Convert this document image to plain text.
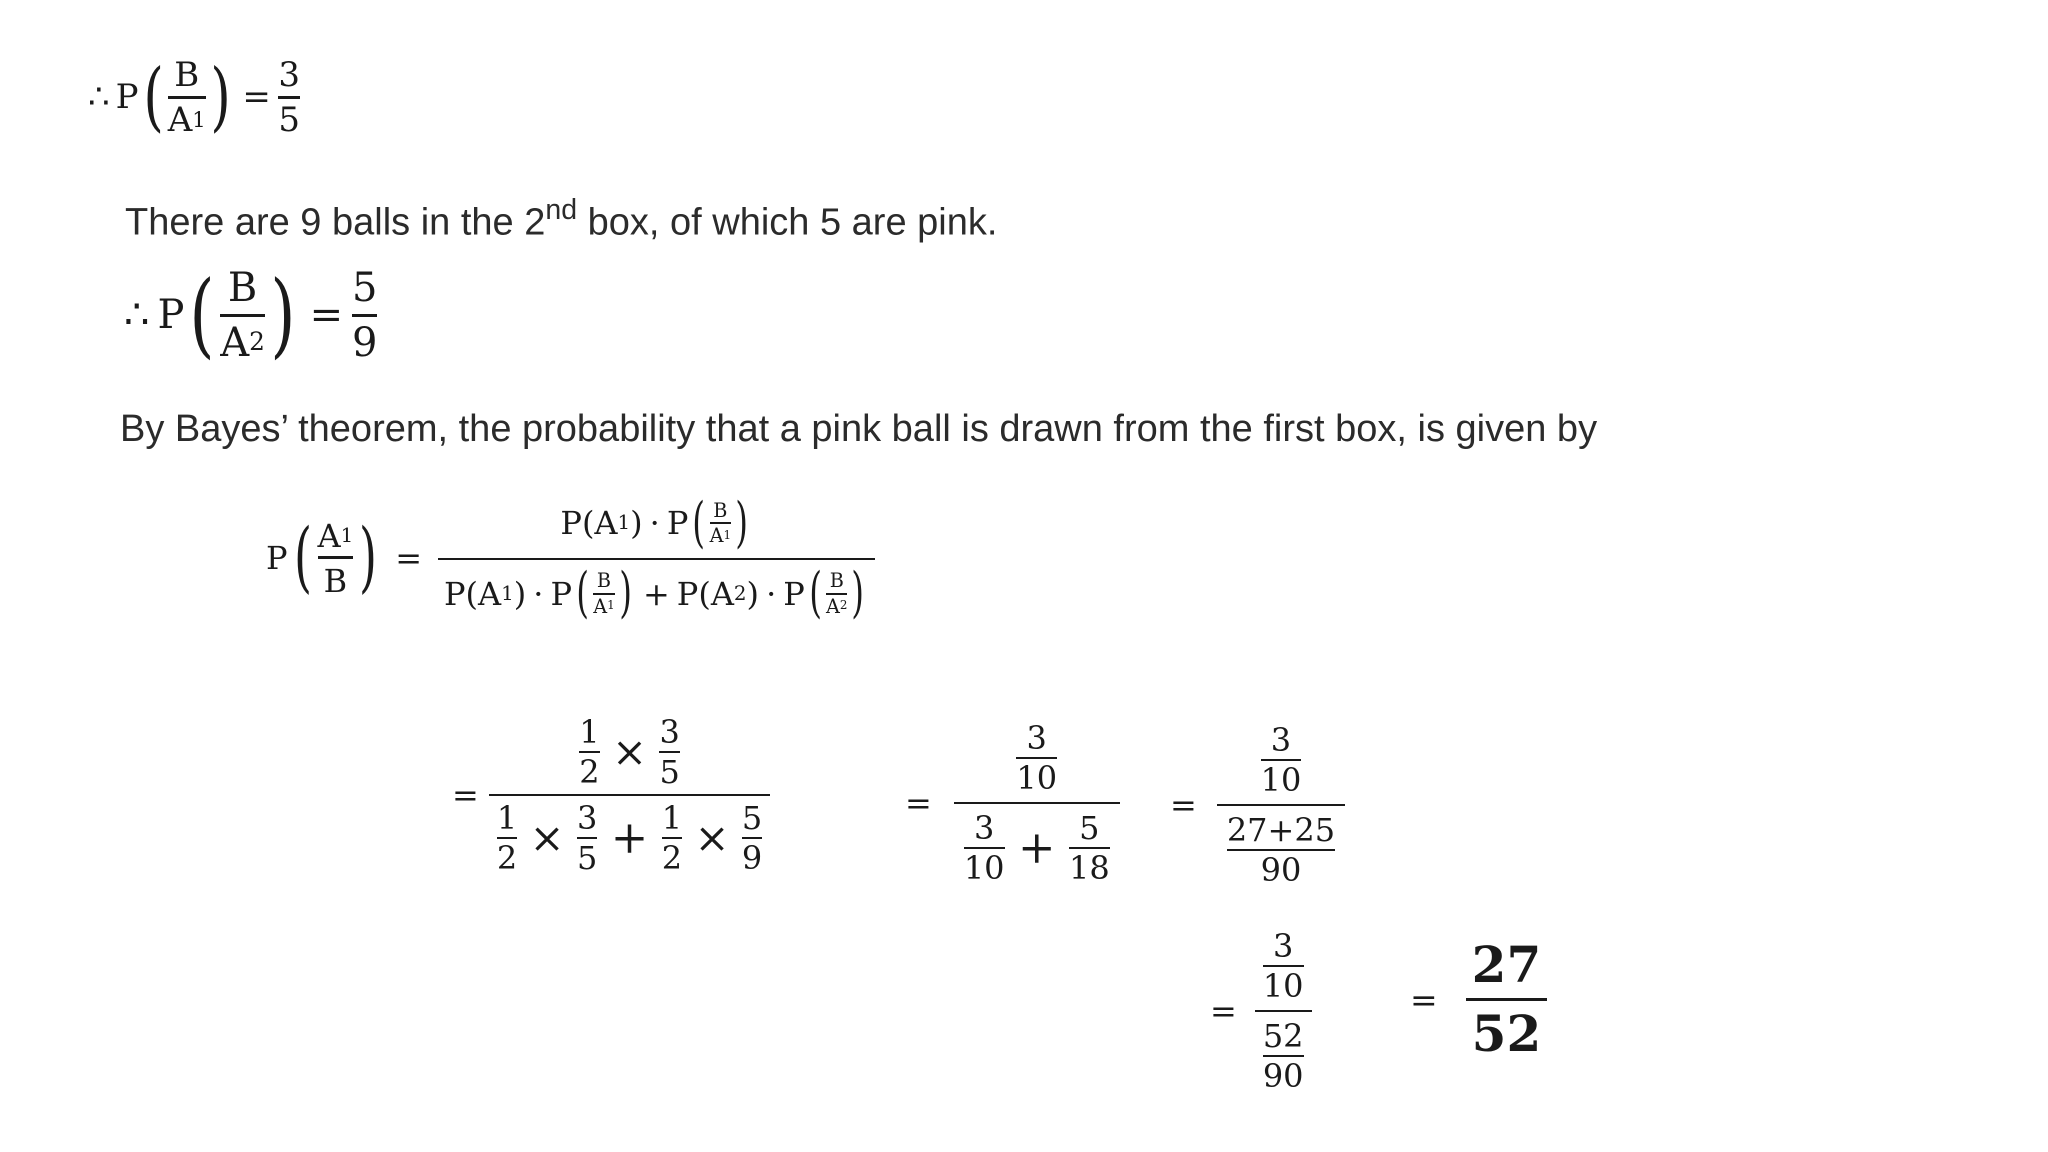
∴ P ( $\frac{B}{A 1}$ ) = $\frac{3}{5}$
There are 9 balls in the 2nd box, of which 5 are pink.
∴ P ( $\frac{B}{A 2}$ ) = $\frac{5}{9}$
By Bayes’ theorem, the probability that a pink ball is drawn from the first box, is given by
P ( $\frac{A 1}{B}$ ) =
P ( A 1 ) · P ( $\frac{B}{A 1}$ )
P ( A 1 ) · P ( $\frac{B}{A 1}$ ) + P ( A 2 ) · P ( $\frac{B}{A 2}$ )
= $\frac{\frac{1}{2} \times \frac{3}{5}}{\frac{1}{2} \times \frac{3}{5} + \frac{1}{2} \times \frac{5}{9}}$	= $\frac{\frac{3}{10}}{\frac{3}{10} + \frac{5}{18}} = \frac{\frac{3}{10}}{\frac{27+25}{90}}$
= $\frac{\frac{3}{10}}{\frac{52}{90}}$	= $\frac{27}{52}$
